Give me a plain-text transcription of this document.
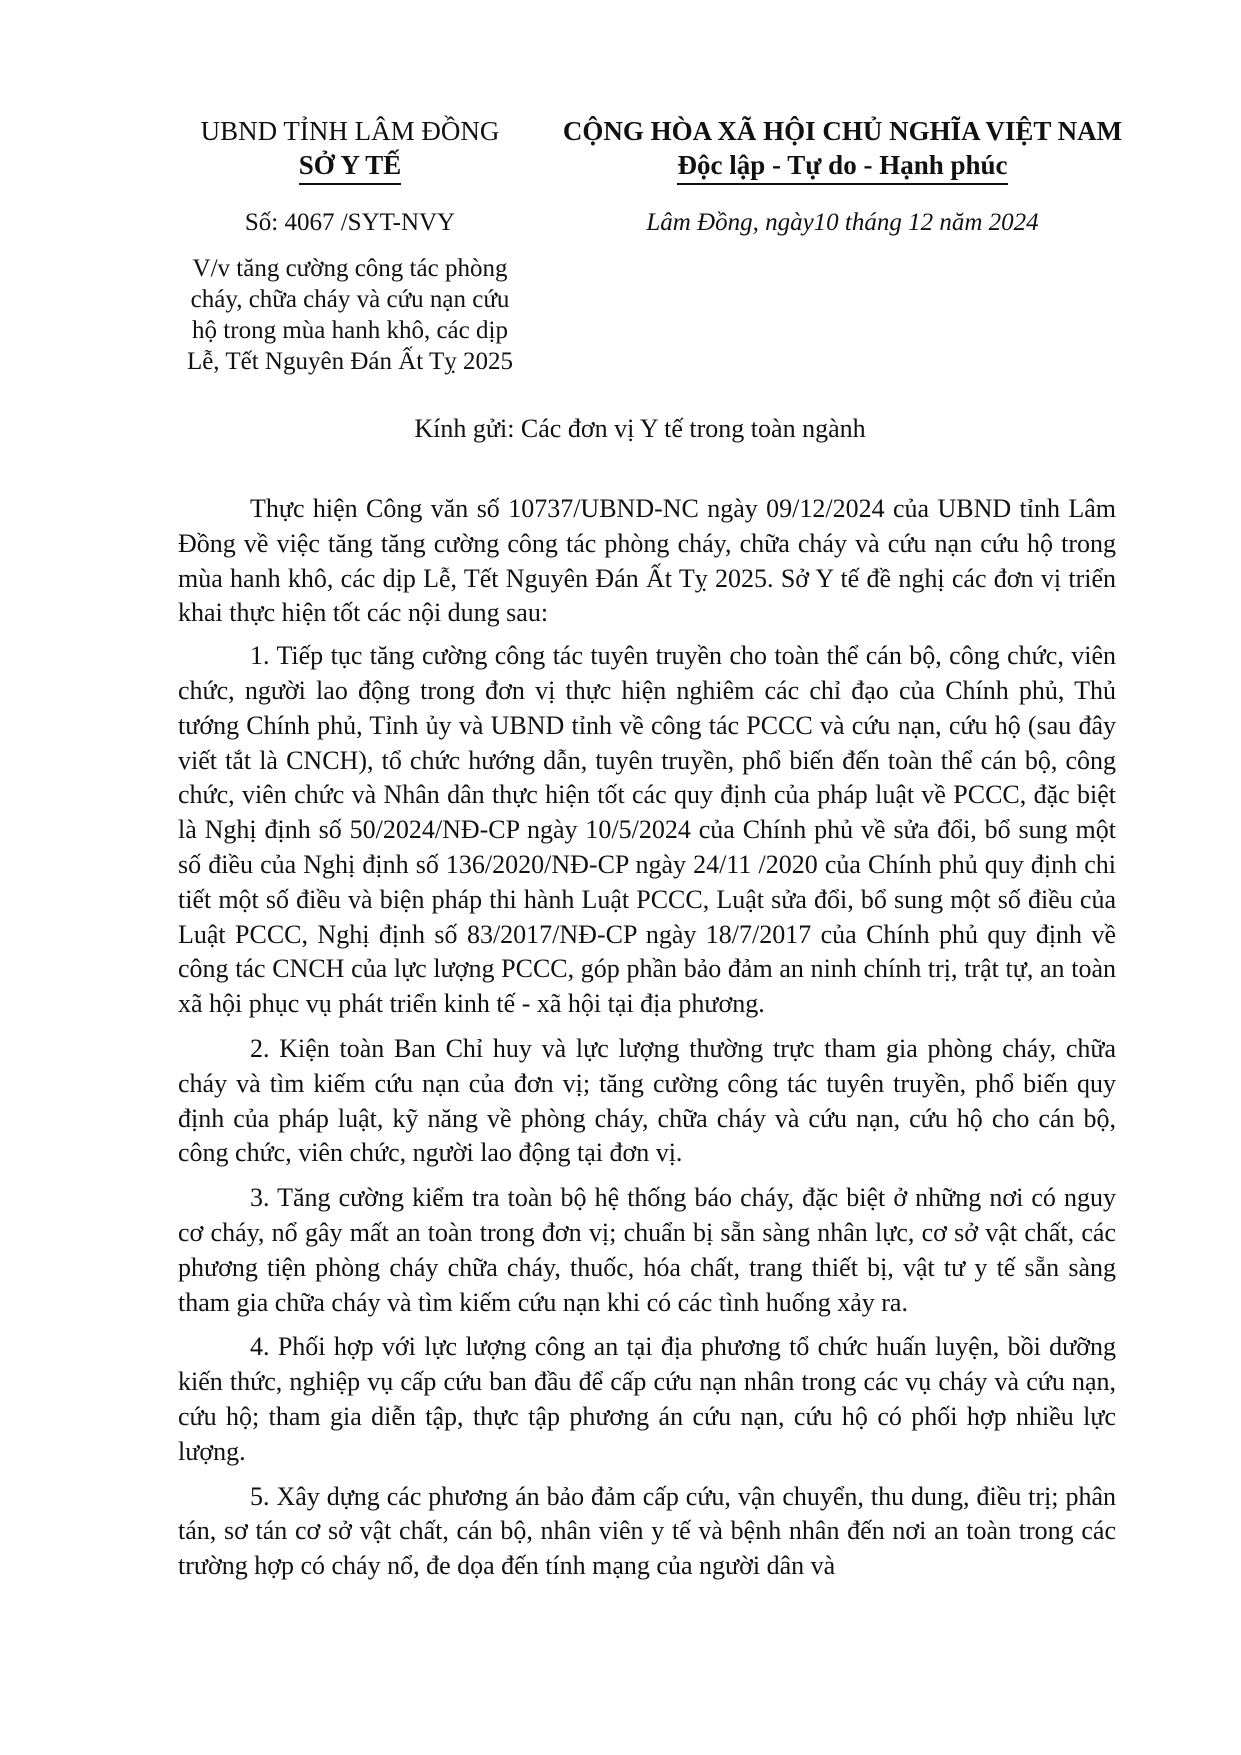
UBND TỈNH LÂM ĐỒNG
SỞ Y TẾ
Số: 4067 /SYT-NVY
V/v tăng cường công tác phòng
cháy, chữa cháy và cứu nạn cứu
hộ trong mùa hanh khô, các dịp
Lễ, Tết Nguyên Đán Ất Tỵ 2025
CỘNG HÒA XÃ HỘI CHỦ NGHĨA VIỆT NAM
Độc lập - Tự do - Hạnh phúc
Lâm Đồng, ngày10 tháng 12 năm 2024
Kính gửi: Các đơn vị Y tế trong toàn ngành

Thực hiện Công văn số 10737/UBND-NC ngày 09/12/2024 của UBND tỉnh Lâm Đồng về việc tăng tăng cường công tác phòng cháy, chữa cháy và cứu nạn cứu hộ trong mùa hanh khô, các dịp Lễ, Tết Nguyên Đán Ất Tỵ 2025. Sở Y tế đề nghị các đơn vị triển khai thực hiện tốt các nội dung sau:

1. Tiếp tục tăng cường công tác tuyên truyền cho toàn thể cán bộ, công chức, viên chức, người lao động trong đơn vị thực hiện nghiêm các chỉ đạo của Chính phủ, Thủ tướng Chính phủ, Tỉnh ủy và UBND tỉnh về công tác PCCC và cứu nạn, cứu hộ (sau đây viết tắt là CNCH), tổ chức hướng dẫn, tuyên truyền, phổ biến đến toàn thể cán bộ, công chức, viên chức và Nhân dân thực hiện tốt các quy định của pháp luật về PCCC, đặc biệt là Nghị định số 50/2024/NĐ-CP ngày 10/5/2024 của Chính phủ về sửa đổi, bổ sung một số điều của Nghị định số 136/2020/NĐ-CP ngày 24/11 /2020 của Chính phủ quy định chi tiết một số điều và biện pháp thi hành Luật PCCC, Luật sửa đổi, bổ sung một số điều của Luật PCCC, Nghị định số 83/2017/NĐ-CP ngày 18/7/2017 của Chính phủ quy định về công tác CNCH của lực lượng PCCC, góp phần bảo đảm an ninh chính trị, trật tự, an toàn xã hội phục vụ phát triển kinh tế - xã hội tại địa phương.

2. Kiện toàn Ban Chỉ huy và lực lượng thường trực tham gia phòng cháy, chữa cháy và tìm kiếm cứu nạn của đơn vị; tăng cường công tác tuyên truyền, phổ biến quy định của pháp luật, kỹ năng về phòng cháy, chữa cháy và cứu nạn, cứu hộ cho cán bộ, công chức, viên chức, người lao động tại đơn vị.

3. Tăng cường kiểm tra toàn bộ hệ thống báo cháy, đặc biệt ở những nơi có nguy cơ cháy, nổ gây mất an toàn trong đơn vị; chuẩn bị sẵn sàng nhân lực, cơ sở vật chất, các phương tiện phòng cháy chữa cháy, thuốc, hóa chất, trang thiết bị, vật tư y tế sẵn sàng tham gia chữa cháy và tìm kiếm cứu nạn khi có các tình huống xảy ra.

4. Phối hợp với lực lượng công an tại địa phương tổ chức huấn luyện, bồi dưỡng kiến thức, nghiệp vụ cấp cứu ban đầu để cấp cứu nạn nhân trong các vụ cháy và cứu nạn, cứu hộ; tham gia diễn tập, thực tập phương án cứu nạn, cứu hộ có phối hợp nhiều lực lượng.

5. Xây dựng các phương án bảo đảm cấp cứu, vận chuyển, thu dung, điều trị; phân tán, sơ tán cơ sở vật chất, cán bộ, nhân viên y tế và bệnh nhân đến nơi an toàn trong các trường hợp có cháy nổ, đe dọa đến tính mạng của người dân và
